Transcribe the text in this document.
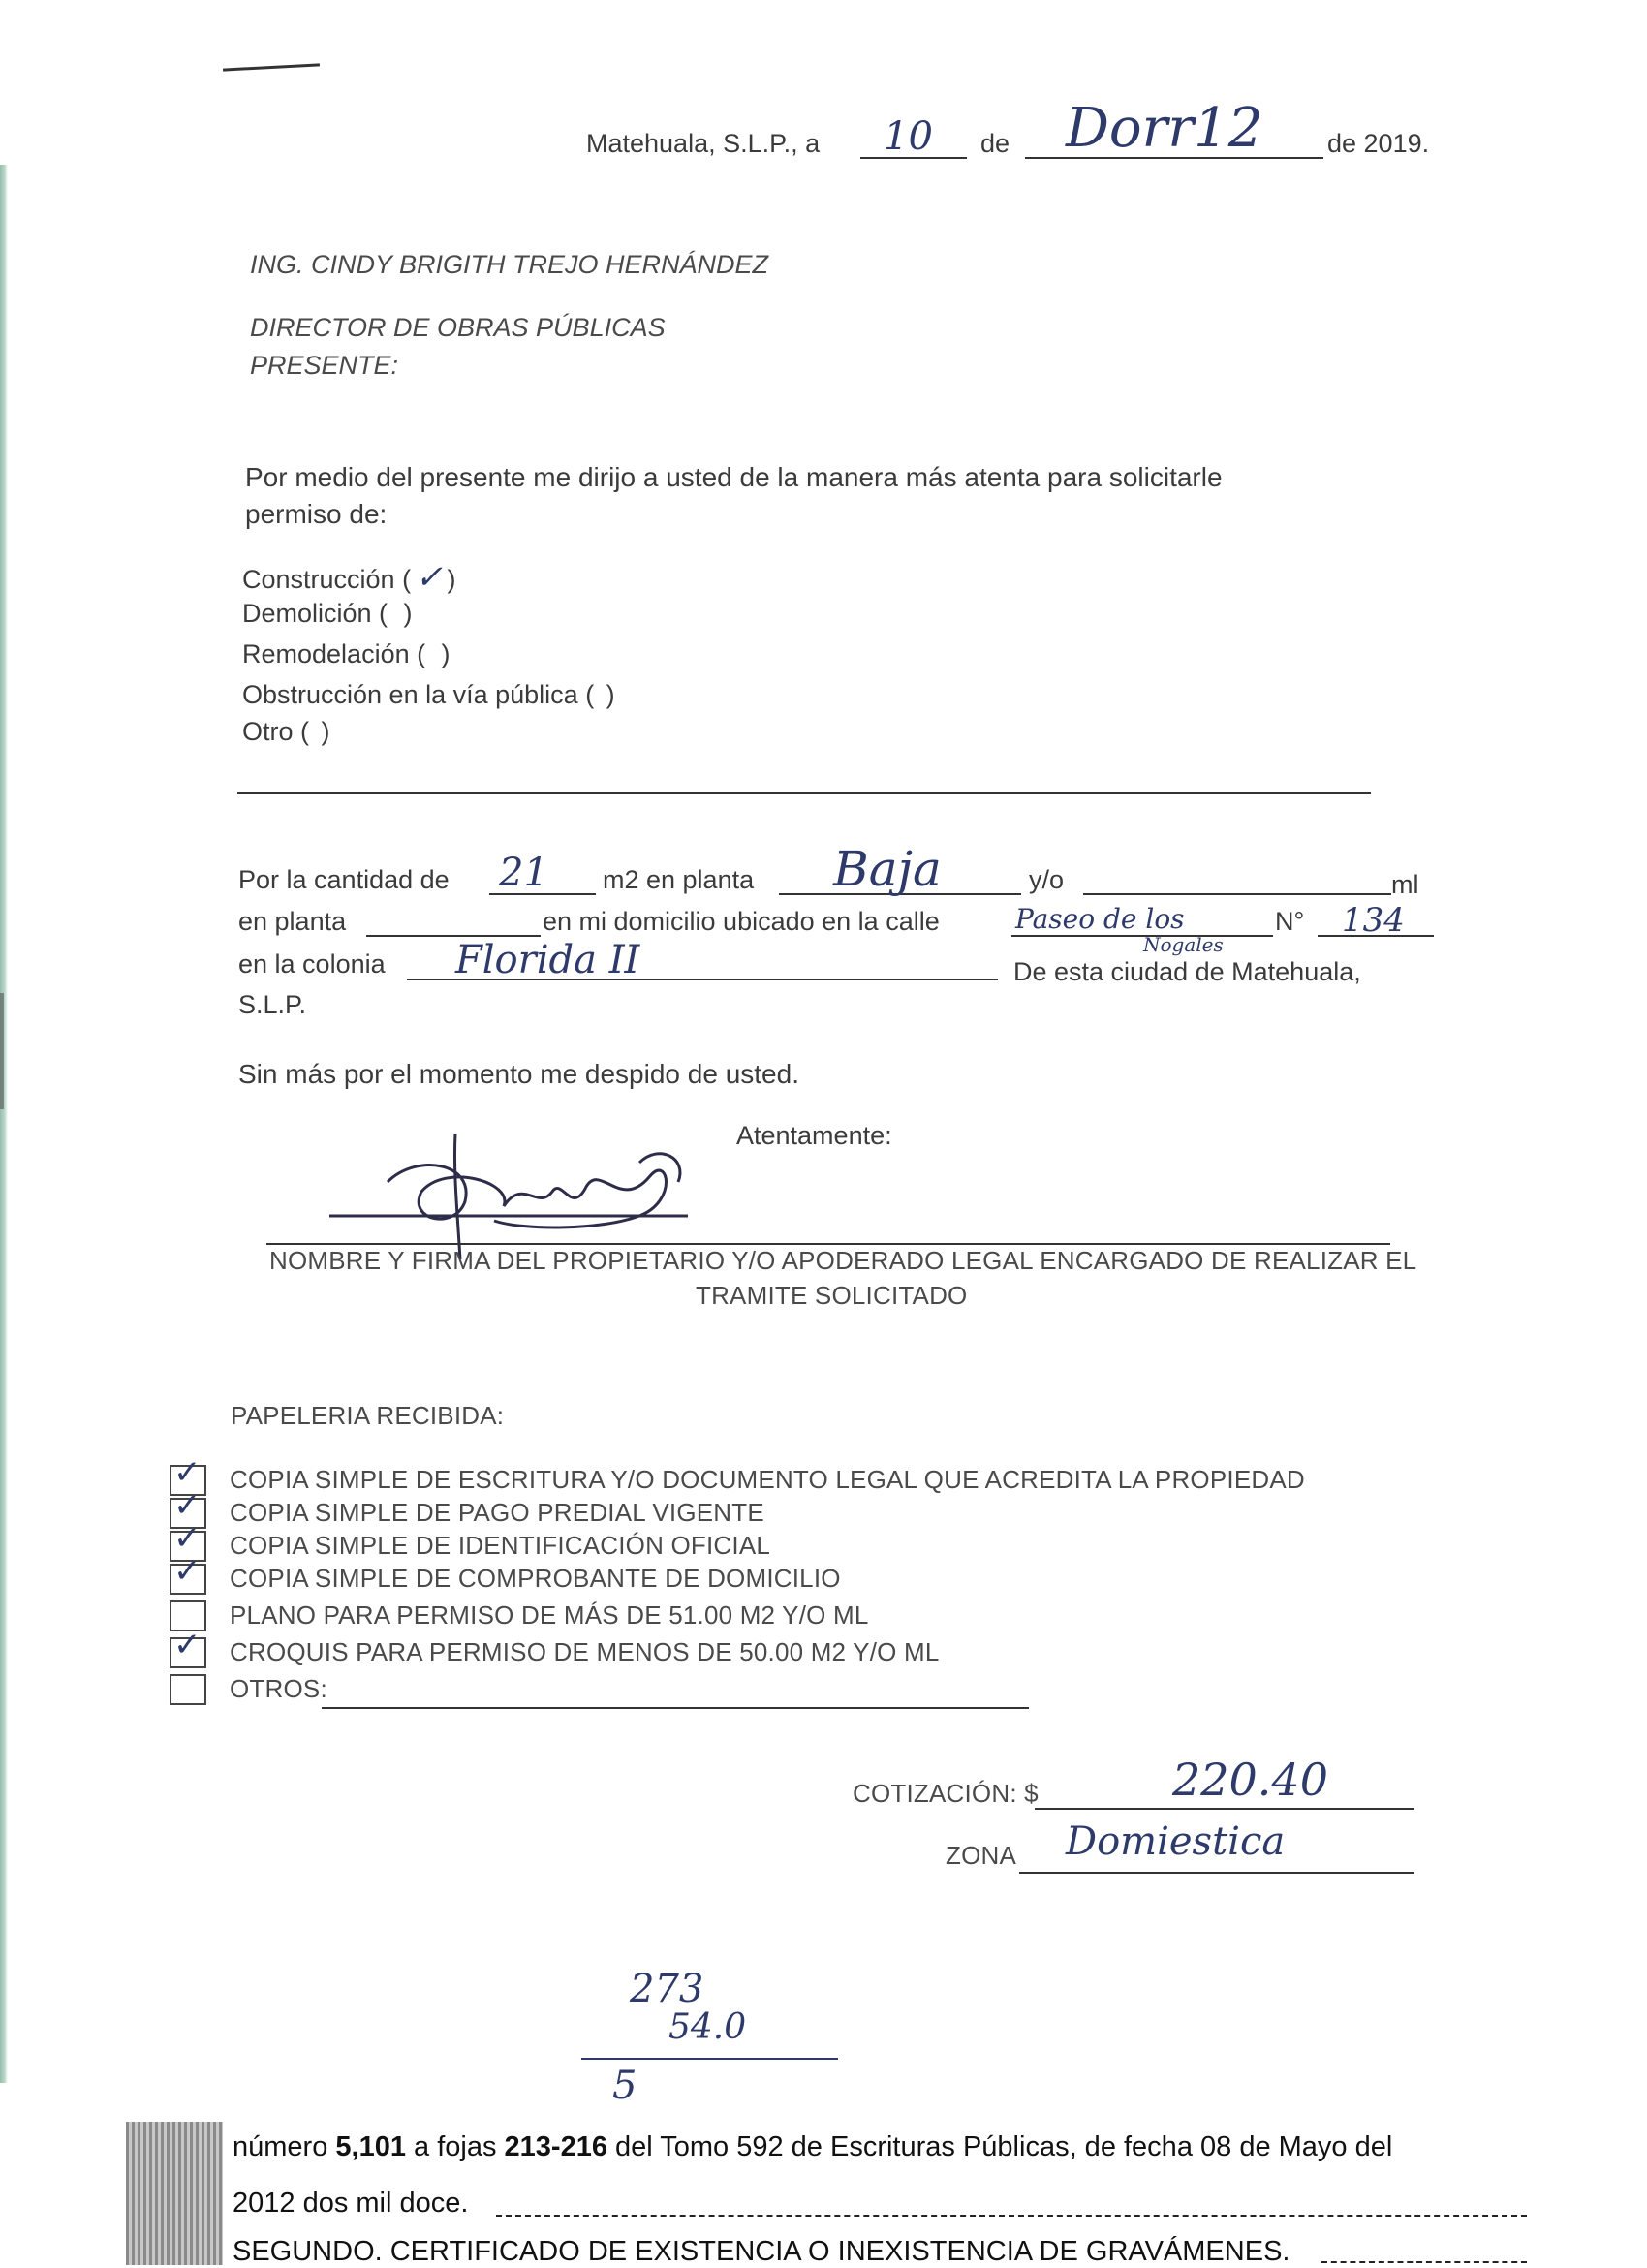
Matehuala, S.L.P., a 10 de Dorr12 de 2019.
ING. CINDY BRIGITH TREJO HERNÁNDEZ
DIRECTOR DE OBRAS PÚBLICAS
PRESENTE:
Por medio del presente me dirijo a usted de la manera más atenta para solicitarle
permiso de:
Construcción ( ✓ )
Demolición ( )
Remodelación ( )
Obstrucción en la vía pública ( )
Otro ( )
Por la cantidad de 21 m2 en planta Baja	y/o	ml
en planta	en mi domicilio ubicado en la calle	Paseo de los
Nogales
N° 134
en la colonia Florida II	De esta ciudad de Matehuala,
S.L.P.
Sin más por el momento me despido de usted.
Atentamente:
NOMBRE Y FIRMA DEL PROPIETARIO Y/O APODERADO LEGAL ENCARGADO DE REALIZAR EL
TRAMITE SOLICITADO
PAPELERIA RECIBIDA:
✓ COPIA SIMPLE DE ESCRITURA Y/O DOCUMENTO LEGAL QUE ACREDITA LA PROPIEDAD
✓ COPIA SIMPLE DE PAGO PREDIAL VIGENTE
✓ COPIA SIMPLE DE IDENTIFICACIÓN OFICIAL
✓ COPIA SIMPLE DE COMPROBANTE DE DOMICILIO
PLANO PARA PERMISO DE MÁS DE 51.00 M2 Y/O ML
✓ CROQUIS PARA PERMISO DE MENOS DE 50.00 M2 Y/O ML
OTROS:
COTIZACIÓN: $	220.40
ZONA Domiestica
273
54.0
5
número 5,101 a fojas 213-216 del Tomo 592 de Escrituras Públicas, de fecha 08 de Mayo del
2012 dos mil doce.
SEGUNDO. CERTIFICADO DE EXISTENCIA O INEXISTENCIA DE GRAVÁMENES.
